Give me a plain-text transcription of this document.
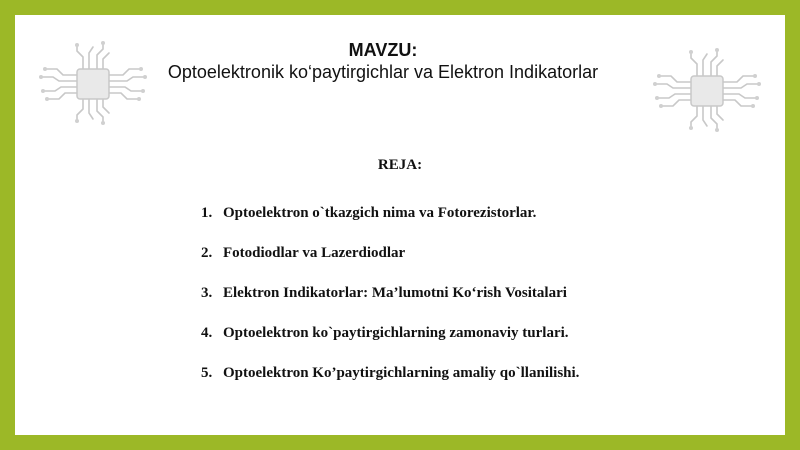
MAVZU:
Optoelektronik ko‘paytirgichlar va Elektron Indikatorlar
REJA:
1. Optoelektron o`tkazgich nima va Fotorezistorlar.
2. Fotodiodlar va Lazerdiodlar
3. Elektron Indikatorlar: Ma’lumotni Ko‘rish Vositalari
4. Optoelektron ko`paytirgichlarning zamonaviy turlari.
5. Optoelektron Ko’paytirgichlarning amaliy qo`llanilishi.
